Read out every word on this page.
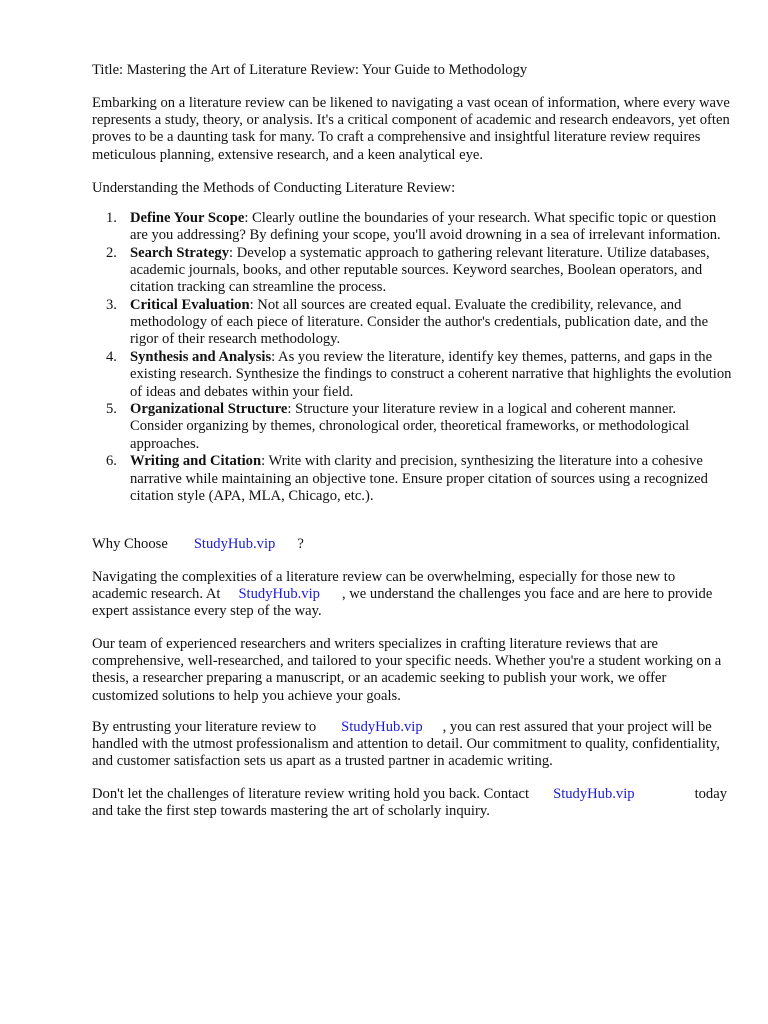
Title: Mastering the Art of Literature Review: Your Guide to Methodology

Embarking on a literature review can be likened to navigating a vast ocean of information, where every wave represents a study, theory, or analysis. It's a critical component of academic and research endeavors, yet often proves to be a daunting task for many. To craft a comprehensive and insightful literature review requires meticulous planning, extensive research, and a keen analytical eye.

Understanding the Methods of Conducting Literature Review:

1. Define Your Scope: Clearly outline the boundaries of your research. What specific topic or question are you addressing? By defining your scope, you'll avoid drowning in a sea of irrelevant information.
2. Search Strategy: Develop a systematic approach to gathering relevant literature. Utilize databases, academic journals, books, and other reputable sources. Keyword searches, Boolean operators, and citation tracking can streamline the process.
3. Critical Evaluation: Not all sources are created equal. Evaluate the credibility, relevance, and methodology of each piece of literature. Consider the author's credentials, publication date, and the rigor of their research methodology.
4. Synthesis and Analysis: As you review the literature, identify key themes, patterns, and gaps in the existing research. Synthesize the findings to construct a coherent narrative that highlights the evolution of ideas and debates within your field.
5. Organizational Structure: Structure your literature review in a logical and coherent manner. Consider organizing by themes, chronological order, theoretical frameworks, or methodological approaches.
6. Writing and Citation: Write with clarity and precision, synthesizing the literature into a cohesive narrative while maintaining an objective tone. Ensure proper citation of sources using a recognized citation style (APA, MLA, Chicago, etc.).

Why Choose StudyHub.vip ?

Navigating the complexities of a literature review can be overwhelming, especially for those new to academic research. At StudyHub.vip , we understand the challenges you face and are here to provide expert assistance every step of the way.

Our team of experienced researchers and writers specializes in crafting literature reviews that are comprehensive, well-researched, and tailored to your specific needs. Whether you're a student working on a thesis, a researcher preparing a manuscript, or an academic seeking to publish your work, we offer customized solutions to help you achieve your goals.

By entrusting your literature review to StudyHub.vip , you can rest assured that your project will be handled with the utmost professionalism and attention to detail. Our commitment to quality, confidentiality, and customer satisfaction sets us apart as a trusted partner in academic writing.

Don't let the challenges of literature review writing hold you back. Contact StudyHub.vip	today and take the first step towards mastering the art of scholarly inquiry.
